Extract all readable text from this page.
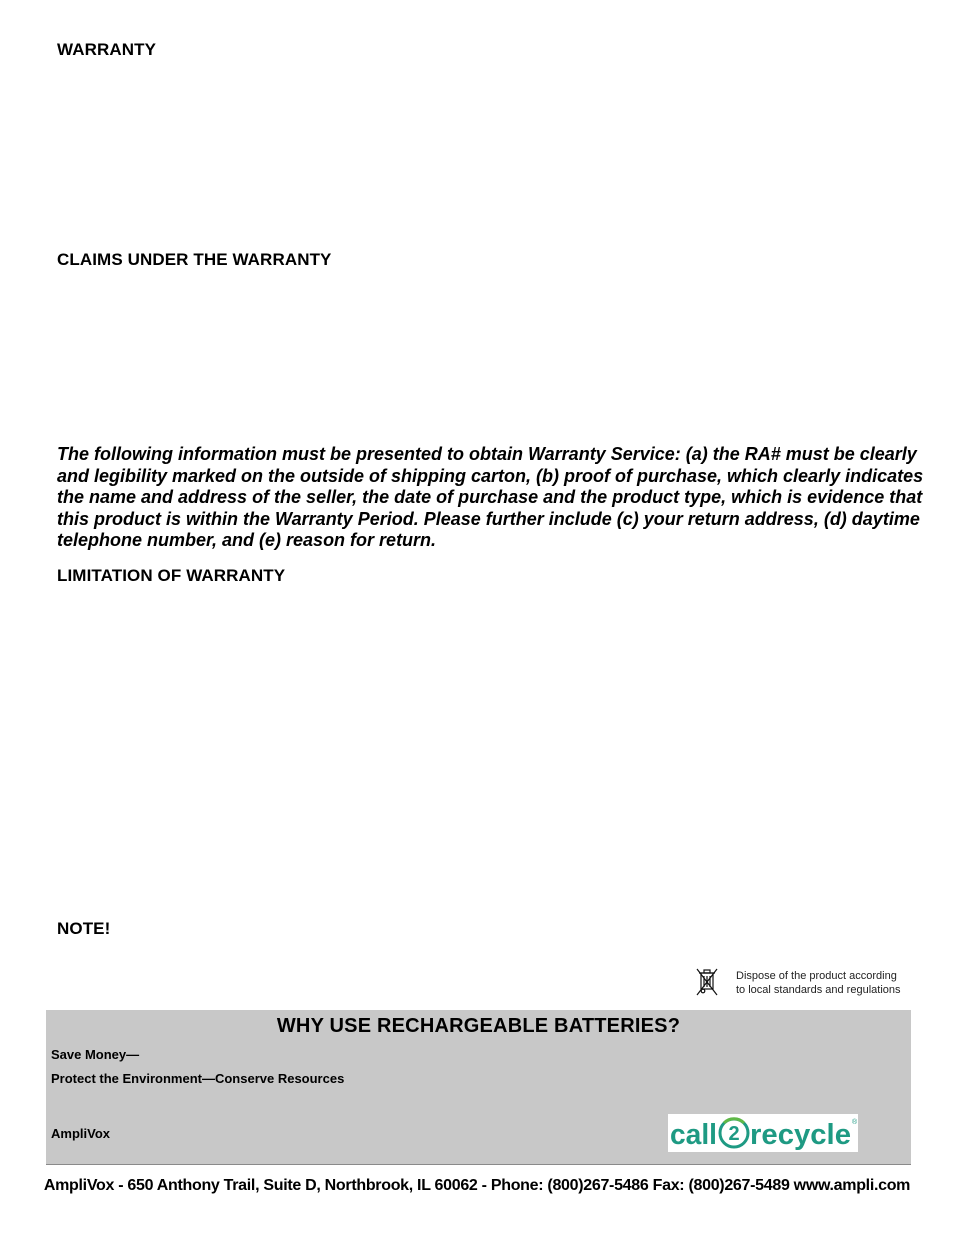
WARRANTY
CLAIMS UNDER THE WARRANTY
The following information must be presented to obtain Warranty Service: (a) the RA# must be clearly and legibility marked on the outside of shipping carton, (b) proof of purchase, which clearly indicates the name and address of the seller, the date of purchase and the product type, which is evidence that this product is within the Warranty Period. Please further include (c) your return address, (d) daytime telephone number, and (e) reason for return.
LIMITATION OF WARRANTY
NOTE!
Dispose of the product according
to local standards and regulations
WHY USE RECHARGEABLE BATTERIES?
Save Money—
Protect the Environment—Conserve Resources
AmpliVox	call 2 recycle ®
AmpliVox - 650 Anthony Trail, Suite D, Northbrook, IL 60062 - Phone: (800)267-5486 Fax: (800)267-5489 www.ampli.com
